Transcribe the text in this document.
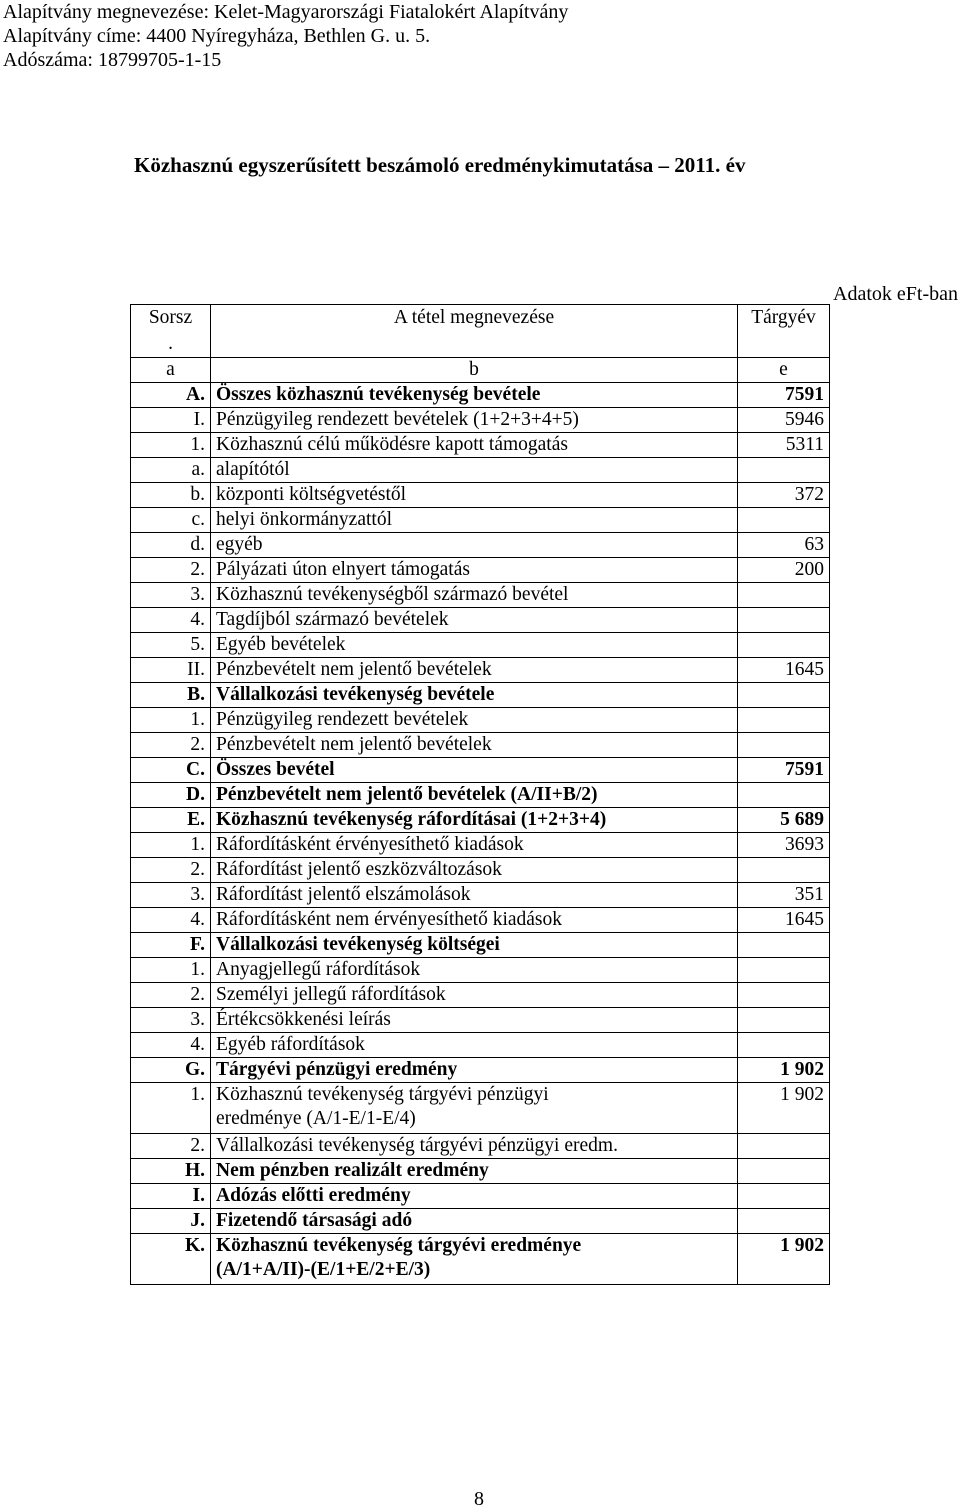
Alapítvány megnevezése: Kelet-Magyarországi Fiatalokért Alapítvány
Alapítvány címe: 4400 Nyíregyháza, Bethlen G. u. 5.
Adószáma: 18799705-1-15
Közhasznú egyszerűsített beszámoló eredménykimutatása – 2011. év
Adatok eFt-ban
Sorsz
.	A tétel megnevezése	Tárgyév
a	b	e
A.	Összes közhasznú tevékenység bevétele	7591
I.	Pénzügyileg rendezett bevételek (1+2+3+4+5)	5946
1.	Közhasznú célú működésre kapott támogatás	5311
a.	alapítótól	
b.	központi költségvetéstől	372
c.	helyi önkormányzattól	
d.	egyéb	63
2.	Pályázati úton elnyert támogatás	200
3.	Közhasznú tevékenységből származó bevétel	
4.	Tagdíjból származó bevételek	
5.	Egyéb bevételek	
II.	Pénzbevételt nem jelentő bevételek	1645
B.	Vállalkozási tevékenység bevétele	
1.	Pénzügyileg rendezett bevételek	
2.	Pénzbevételt nem jelentő bevételek	
C.	Összes bevétel	7591
D.	Pénzbevételt nem jelentő bevételek (A/II+B/2)	
E.	Közhasznú tevékenység ráfordításai (1+2+3+4)	5 689
1.	Ráfordításként érvényesíthető kiadások	3693
2.	Ráfordítást jelentő eszközváltozások	
3.	Ráfordítást jelentő elszámolások	351
4.	Ráfordításként nem érvényesíthető kiadások	1645
F.	Vállalkozási tevékenység költségei	
1.	Anyagjellegű ráfordítások	
2.	Személyi jellegű ráfordítások	
3.	Értékcsökkenési leírás	
4.	Egyéb ráfordítások	
G.	Tárgyévi pénzügyi eredmény	1 902
1.	Közhasznú tevékenység tárgyévi pénzügyi
eredménye (A/1-E/1-E/4)	1 902
2.	Vállalkozási tevékenység tárgyévi pénzügyi eredm.	
H.	Nem pénzben realizált eredmény	
I.	Adózás előtti eredmény	
J.	Fizetendő társasági adó	
K.	Közhasznú tevékenység tárgyévi eredménye
(A/1+A/II)-(E/1+E/2+E/3)	1 902
8
